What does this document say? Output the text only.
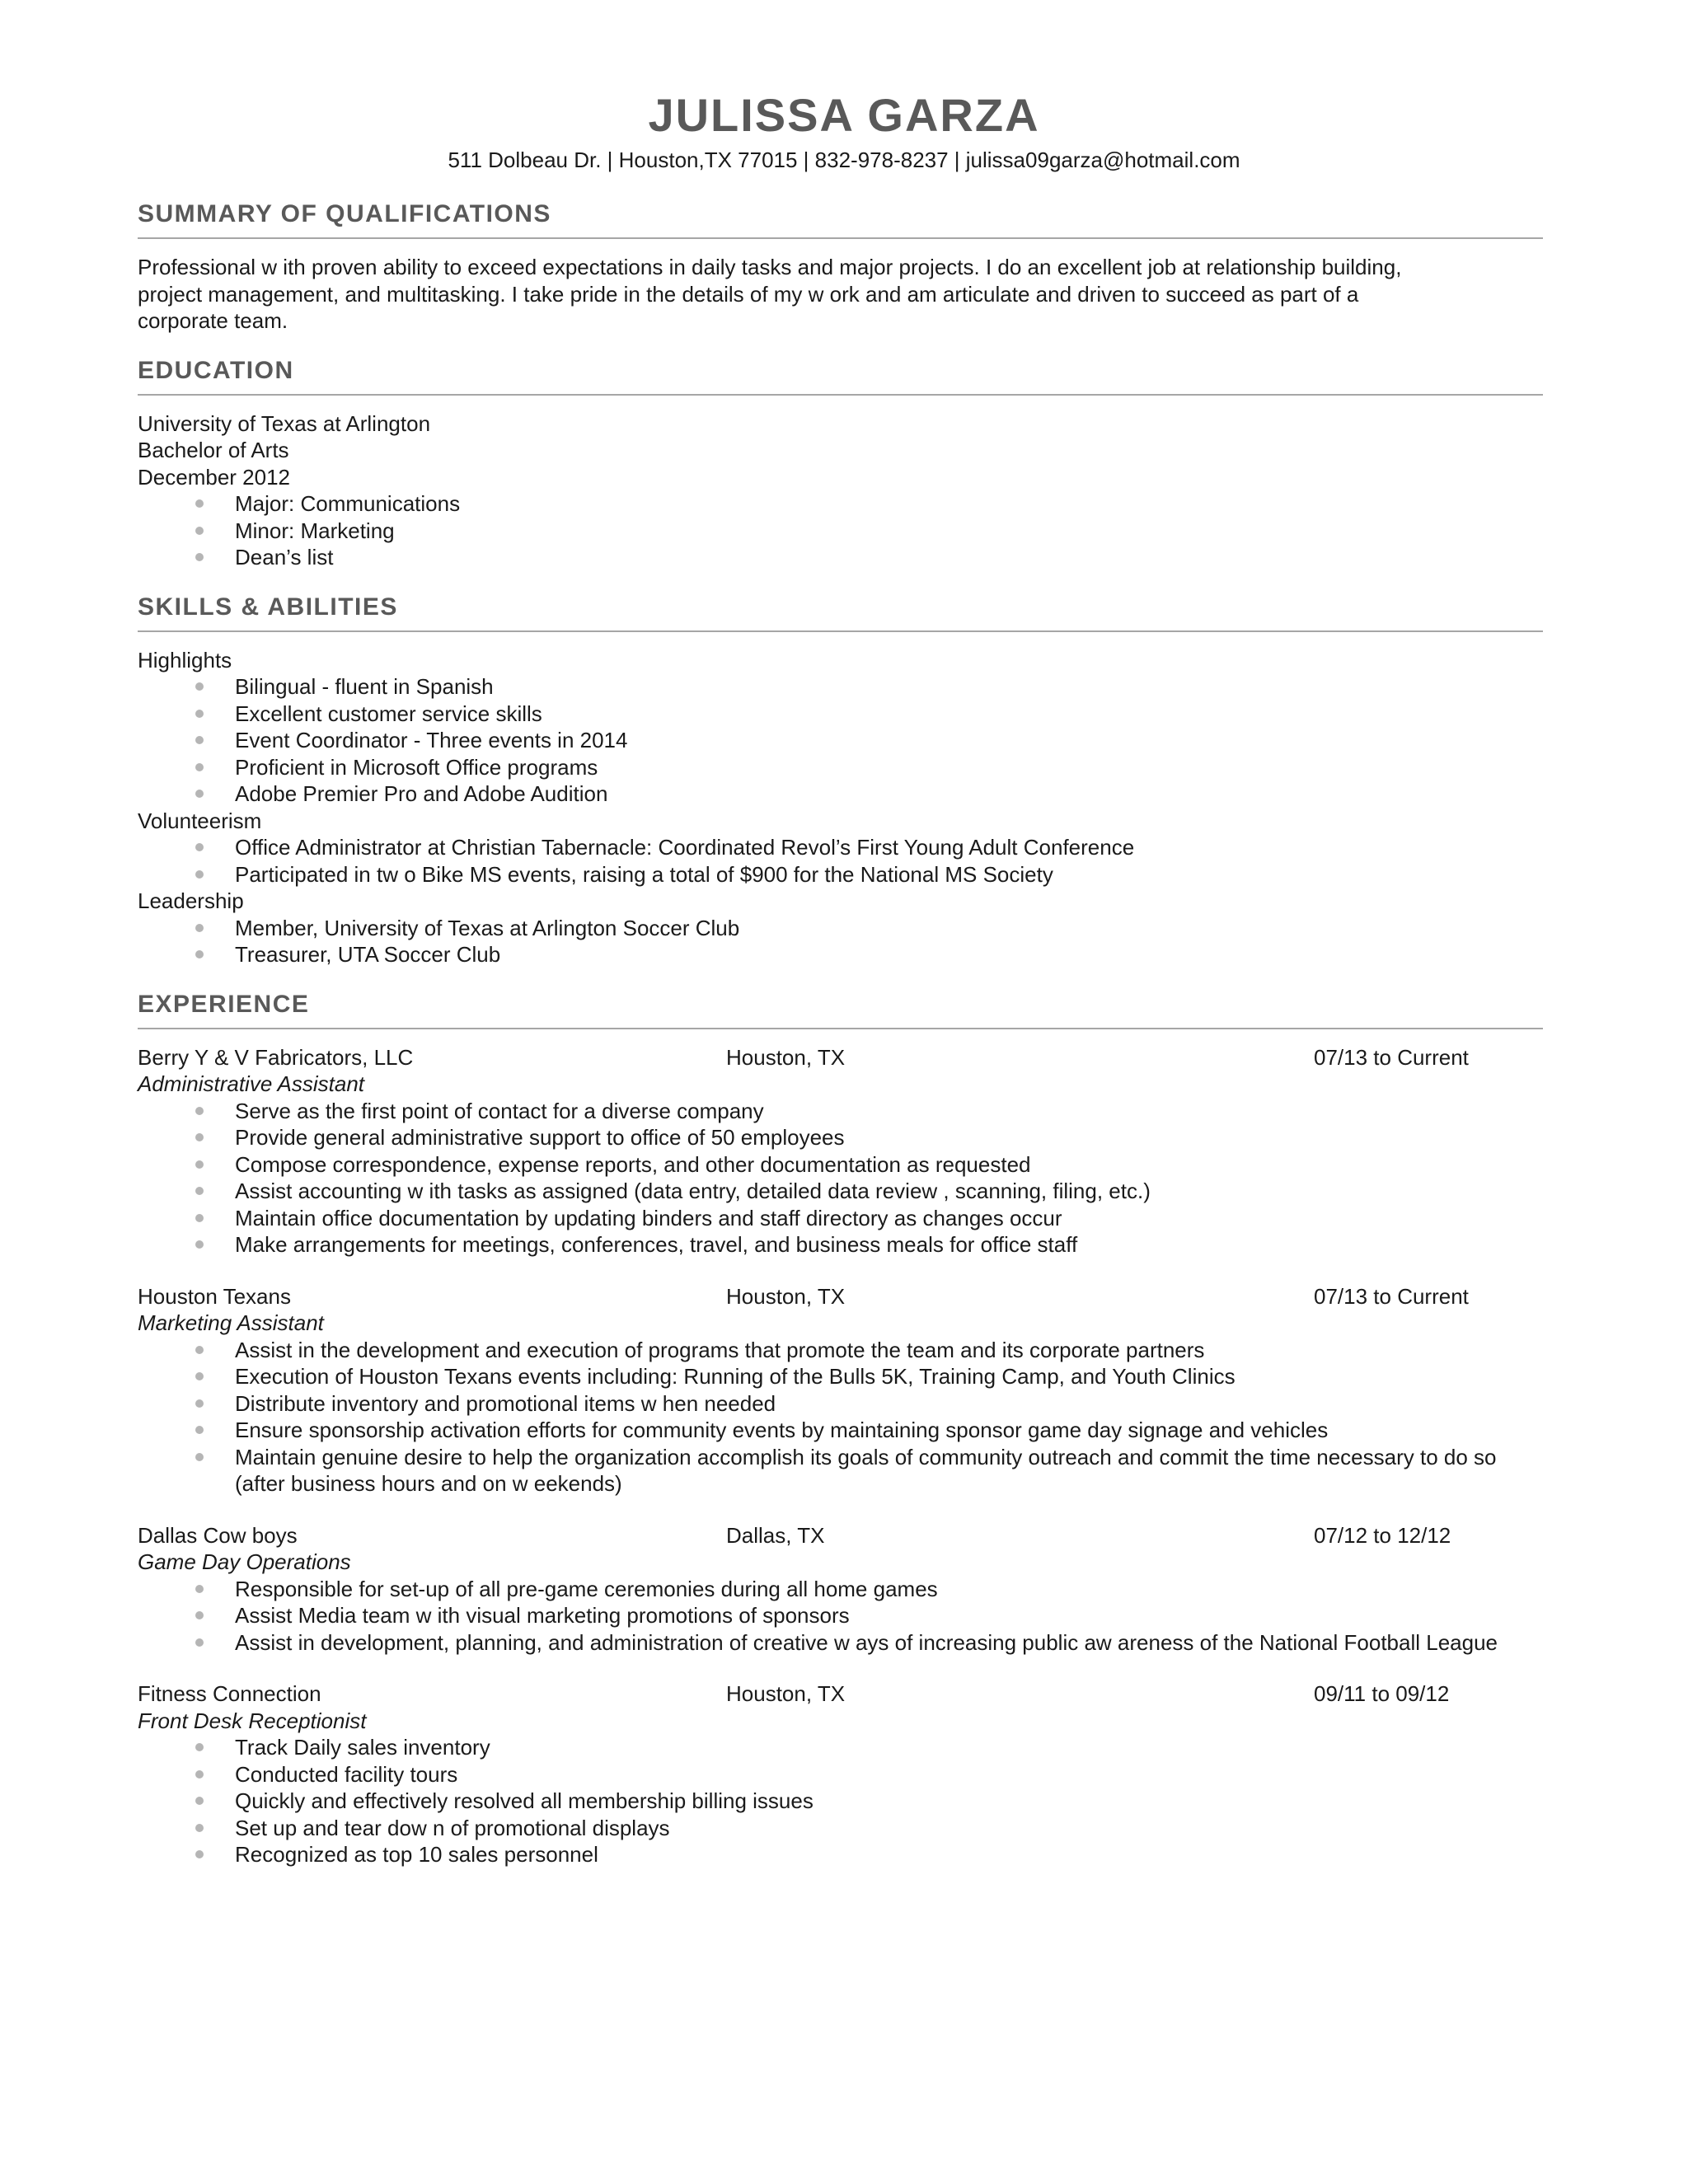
JULISSA GARZA
511 Dolbeau Dr. | Houston,TX 77015 | 832-978-8237 | julissa09garza@hotmail.com
SUMMARY OF QUALIFICATIONS
Professional w ith proven ability to exceed expectations in daily tasks and major projects. I do an excellent job at relationship building,
project management, and multitasking. I take pride in the details of my w ork and am articulate and driven to succeed as part of a
corporate team.
EDUCATION
University of Texas at Arlington
Bachelor of Arts
December 2012
Major: Communications
Minor: Marketing
Dean’s list
SKILLS & ABILITIES
Highlights
Bilingual - fluent in Spanish
Excellent customer service skills
Event Coordinator - Three events in 2014
Proficient in Microsoft Office programs
Adobe Premier Pro and Adobe Audition
Volunteerism
Office Administrator at Christian Tabernacle: Coordinated Revol’s First Young Adult Conference
Participated in tw o Bike MS events, raising a total of $900 for the National MS Society
Leadership
Member, University of Texas at Arlington Soccer Club
Treasurer, UTA Soccer Club
EXPERIENCE
Berry Y & V Fabricators, LLC	Houston, TX	07/13 to Current
Administrative Assistant
Serve as the first point of contact for a diverse company
Provide general administrative support to office of 50 employees
Compose correspondence, expense reports, and other documentation as requested
Assist accounting w ith tasks as assigned (data entry, detailed data review , scanning, filing, etc.)
Maintain office documentation by updating binders and staff directory as changes occur
Make arrangements for meetings, conferences, travel, and business meals for office staff
Houston Texans	Houston, TX	07/13 to Current
Marketing Assistant
Assist in the development and execution of programs that promote the team and its corporate partners
Execution of Houston Texans events including: Running of the Bulls 5K, Training Camp, and Youth Clinics
Distribute inventory and promotional items w hen needed
Ensure sponsorship activation efforts for community events by maintaining sponsor game day signage and vehicles
Maintain genuine desire to help the organization accomplish its goals of community outreach and commit the time necessary to do so (after business hours and on w eekends)
Dallas Cow boys	Dallas, TX	07/12 to 12/12
Game Day Operations
Responsible for set-up of all pre-game ceremonies during all home games
Assist Media team w ith visual marketing promotions of sponsors
Assist in development, planning, and administration of creative w ays of increasing public aw areness of the National Football League
Fitness Connection	Houston, TX	09/11 to 09/12
Front Desk Receptionist
Track Daily sales inventory
Conducted facility tours
Quickly and effectively resolved all membership billing issues
Set up and tear dow n of promotional displays
Recognized as top 10 sales personnel
